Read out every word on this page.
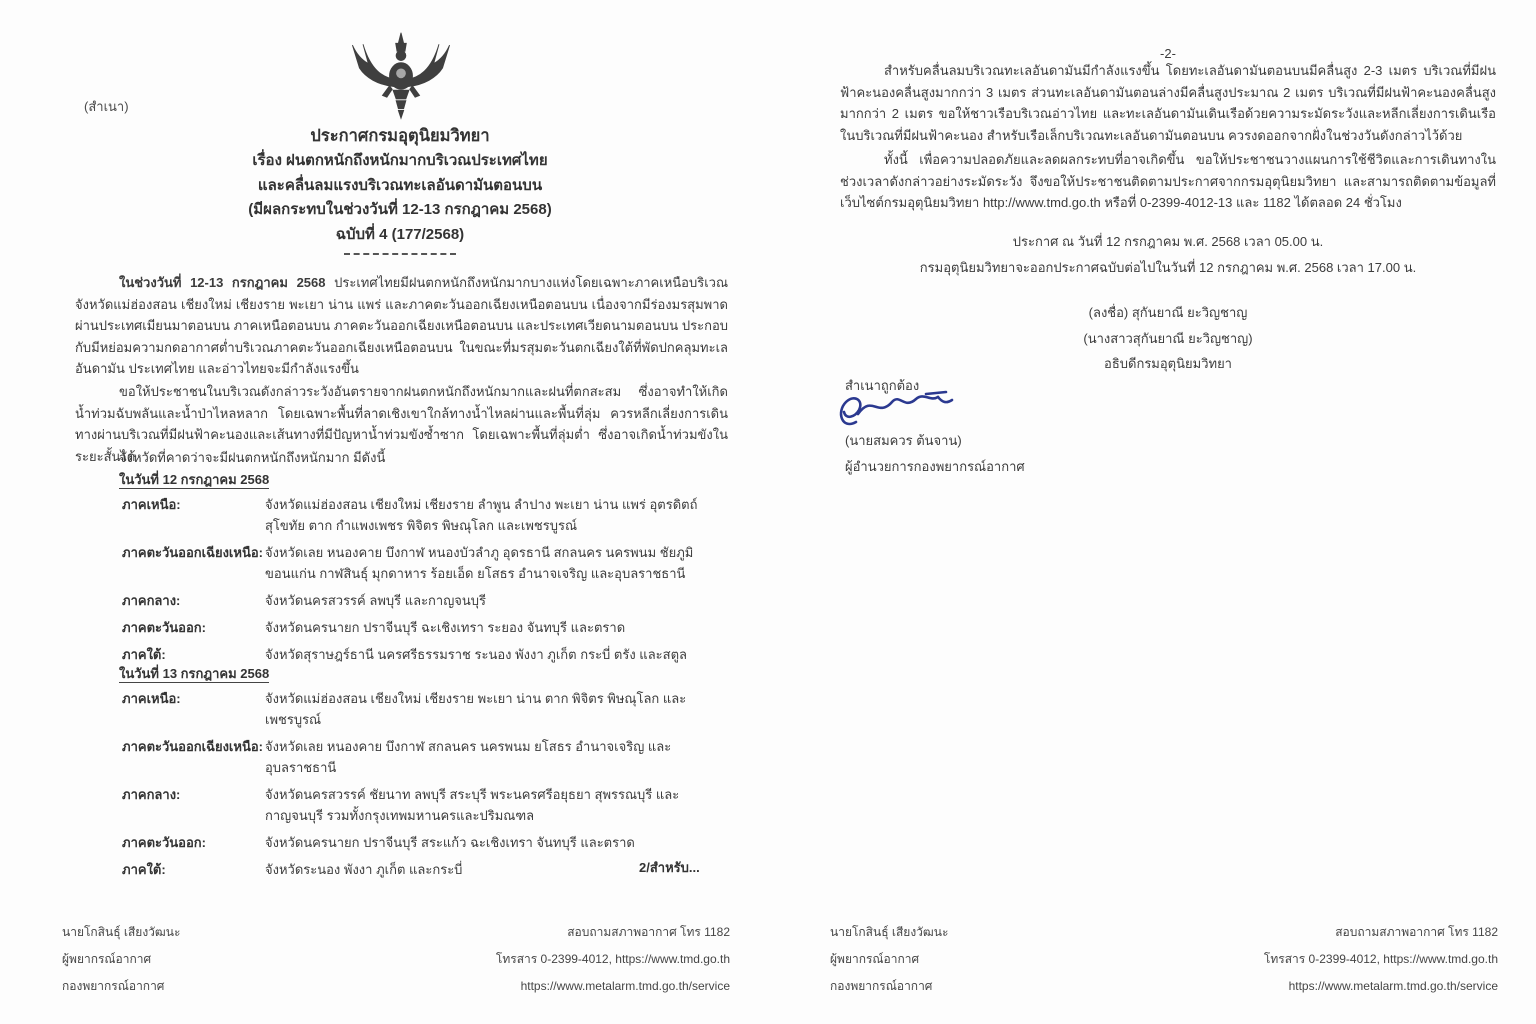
(สำเนา)
ประกาศกรมอุตุนิยมวิทยา
เรื่อง ฝนตกหนักถึงหนักมากบริเวณประเทศไทย
และคลื่นลมแรงบริเวณทะเลอันดามันตอนบน
(มีผลกระทบในช่วงวันที่ 12-13 กรกฎาคม 2568)
ฉบับที่ 4 (177/2568)

ในช่วงวันที่ 12-13 กรกฎาคม 2568 ประเทศไทยมีฝนตกหนักถึงหนักมากบางแห่งโดยเฉพาะภาคเหนือบริเวณจังหวัดแม่ฮ่องสอน เชียงใหม่ เชียงราย พะเยา น่าน แพร่ และภาคตะวันออกเฉียงเหนือตอนบน เนื่องจากมีร่องมรสุมพาดผ่านประเทศเมียนมาตอนบน ภาคเหนือตอนบน ภาคตะวันออกเฉียงเหนือตอนบน และประเทศเวียดนามตอนบน ประกอบกับมีหย่อมความกดอากาศต่ำบริเวณภาคตะวันออกเฉียงเหนือตอนบน ในขณะที่มรสุมตะวันตกเฉียงใต้ที่พัดปกคลุมทะเลอันดามัน ประเทศไทย และอ่าวไทยจะมีกำลังแรงขึ้น

ขอให้ประชาชนในบริเวณดังกล่าวระวังอันตรายจากฝนตกหนักถึงหนักมากและฝนที่ตกสะสม ซึ่งอาจทำให้เกิดน้ำท่วมฉับพลันและน้ำป่าไหลหลาก โดยเฉพาะพื้นที่ลาดเชิงเขาใกล้ทางน้ำไหลผ่านและพื้นที่ลุ่ม ควรหลีกเลี่ยงการเดินทางผ่านบริเวณที่มีฝนฟ้าคะนองและเส้นทางที่มีปัญหาน้ำท่วมขังซ้ำซาก โดยเฉพาะพื้นที่ลุ่มต่ำ ซึ่งอาจเกิดน้ำท่วมขังในระยะสั้นได้

จังหวัดที่คาดว่าจะมีฝนตกหนักถึงหนักมาก มีดังนี้
ในวันที่ 12 กรกฎาคม 2568
ภาคเหนือ:	จังหวัดแม่ฮ่องสอน เชียงใหม่ เชียงราย ลำพูน ลำปาง พะเยา น่าน แพร่ อุตรดิตถ์ สุโขทัย ตาก กำแพงเพชร พิจิตร พิษณุโลก และเพชรบูรณ์
ภาคตะวันออกเฉียงเหนือ: จังหวัดเลย หนองคาย บึงกาฬ หนองบัวลำภู อุดรธานี สกลนคร นครพนม ชัยภูมิ ขอนแก่น กาฬสินธุ์ มุกดาหาร ร้อยเอ็ด ยโสธร อำนาจเจริญ และอุบลราชธานี
ภาคกลาง:	จังหวัดนครสวรรค์ ลพบุรี และกาญจนบุรี
ภาคตะวันออก:	จังหวัดนครนายก ปราจีนบุรี ฉะเชิงเทรา ระยอง จันทบุรี และตราด
ภาคใต้:	จังหวัดสุราษฎร์ธานี นครศรีธรรมราช ระนอง พังงา ภูเก็ต กระบี่ ตรัง และสตูล
ในวันที่ 13 กรกฎาคม 2568
ภาคเหนือ:	จังหวัดแม่ฮ่องสอน เชียงใหม่ เชียงราย พะเยา น่าน ตาก พิจิตร พิษณุโลก และเพชรบูรณ์
ภาคตะวันออกเฉียงเหนือ: จังหวัดเลย หนองคาย บึงกาฬ สกลนคร นครพนม ยโสธร อำนาจเจริญ และอุบลราชธานี
ภาคกลาง:	จังหวัดนครสวรรค์ ชัยนาท ลพบุรี สระบุรี พระนครศรีอยุธยา สุพรรณบุรี และกาญจนบุรี รวมทั้งกรุงเทพมหานครและปริมณฑล
ภาคตะวันออก:	จังหวัดนครนายก ปราจีนบุรี สระแก้ว ฉะเชิงเทรา จันทบุรี และตราด
ภาคใต้:	จังหวัดระนอง พังงา ภูเก็ต และกระบี่	2/สำหรับ...
นายโกสินธุ์ เสียงวัฒนะ
ผู้พยากรณ์อากาศ
กองพยากรณ์อากาศ
สอบถามสภาพอากาศ โทร 1182
โทรสาร 0-2399-4012, https://www.tmd.go.th
https://www.metalarm.tmd.go.th/service
-2-

สำหรับคลื่นลมบริเวณทะเลอันดามันมีกำลังแรงขึ้น โดยทะเลอันดามันตอนบนมีคลื่นสูง 2-3 เมตร บริเวณที่มีฝนฟ้าคะนองคลื่นสูงมากกว่า 3 เมตร ส่วนทะเลอันดามันตอนล่างมีคลื่นสูงประมาณ 2 เมตร บริเวณที่มีฝนฟ้าคะนองคลื่นสูงมากกว่า 2 เมตร ขอให้ชาวเรือบริเวณอ่าวไทย และทะเลอันดามันเดินเรือด้วยความระมัดระวังและหลีกเลี่ยงการเดินเรือในบริเวณที่มีฝนฟ้าคะนอง สำหรับเรือเล็กบริเวณทะเลอันดามันตอนบน ควรงดออกจากฝั่งในช่วงวันดังกล่าวไว้ด้วย

ทั้งนี้ เพื่อความปลอดภัยและลดผลกระทบที่อาจเกิดขึ้น ขอให้ประชาชนวางแผนการใช้ชีวิตและการเดินทางในช่วงเวลาดังกล่าวอย่างระมัดระวัง จึงขอให้ประชาชนติดตามประกาศจากกรมอุตุนิยมวิทยา และสามารถติดตามข้อมูลที่เว็บไซต์กรมอุตุนิยมวิทยา http://www.tmd.go.th หรือที่ 0-2399-4012-13 และ 1182 ได้ตลอด 24 ชั่วโมง

ประกาศ ณ วันที่ 12 กรกฎาคม พ.ศ. 2568 เวลา 05.00 น.
กรมอุตุนิยมวิทยาจะออกประกาศฉบับต่อไปในวันที่ 12 กรกฎาคม พ.ศ. 2568 เวลา 17.00 น.
(ลงชื่อ) สุกันยาณี ยะวิญชาญ
(นางสาวสุกันยาณี ยะวิญชาญ)
อธิบดีกรมอุตุนิยมวิทยา
สำเนาถูกต้อง
(นายสมควร ต้นจาน)
ผู้อำนวยการกองพยากรณ์อากาศ
นายโกสินธุ์ เสียงวัฒนะ
ผู้พยากรณ์อากาศ
กองพยากรณ์อากาศ
สอบถามสภาพอากาศ โทร 1182
โทรสาร 0-2399-4012, https://www.tmd.go.th
https://www.metalarm.tmd.go.th/service
